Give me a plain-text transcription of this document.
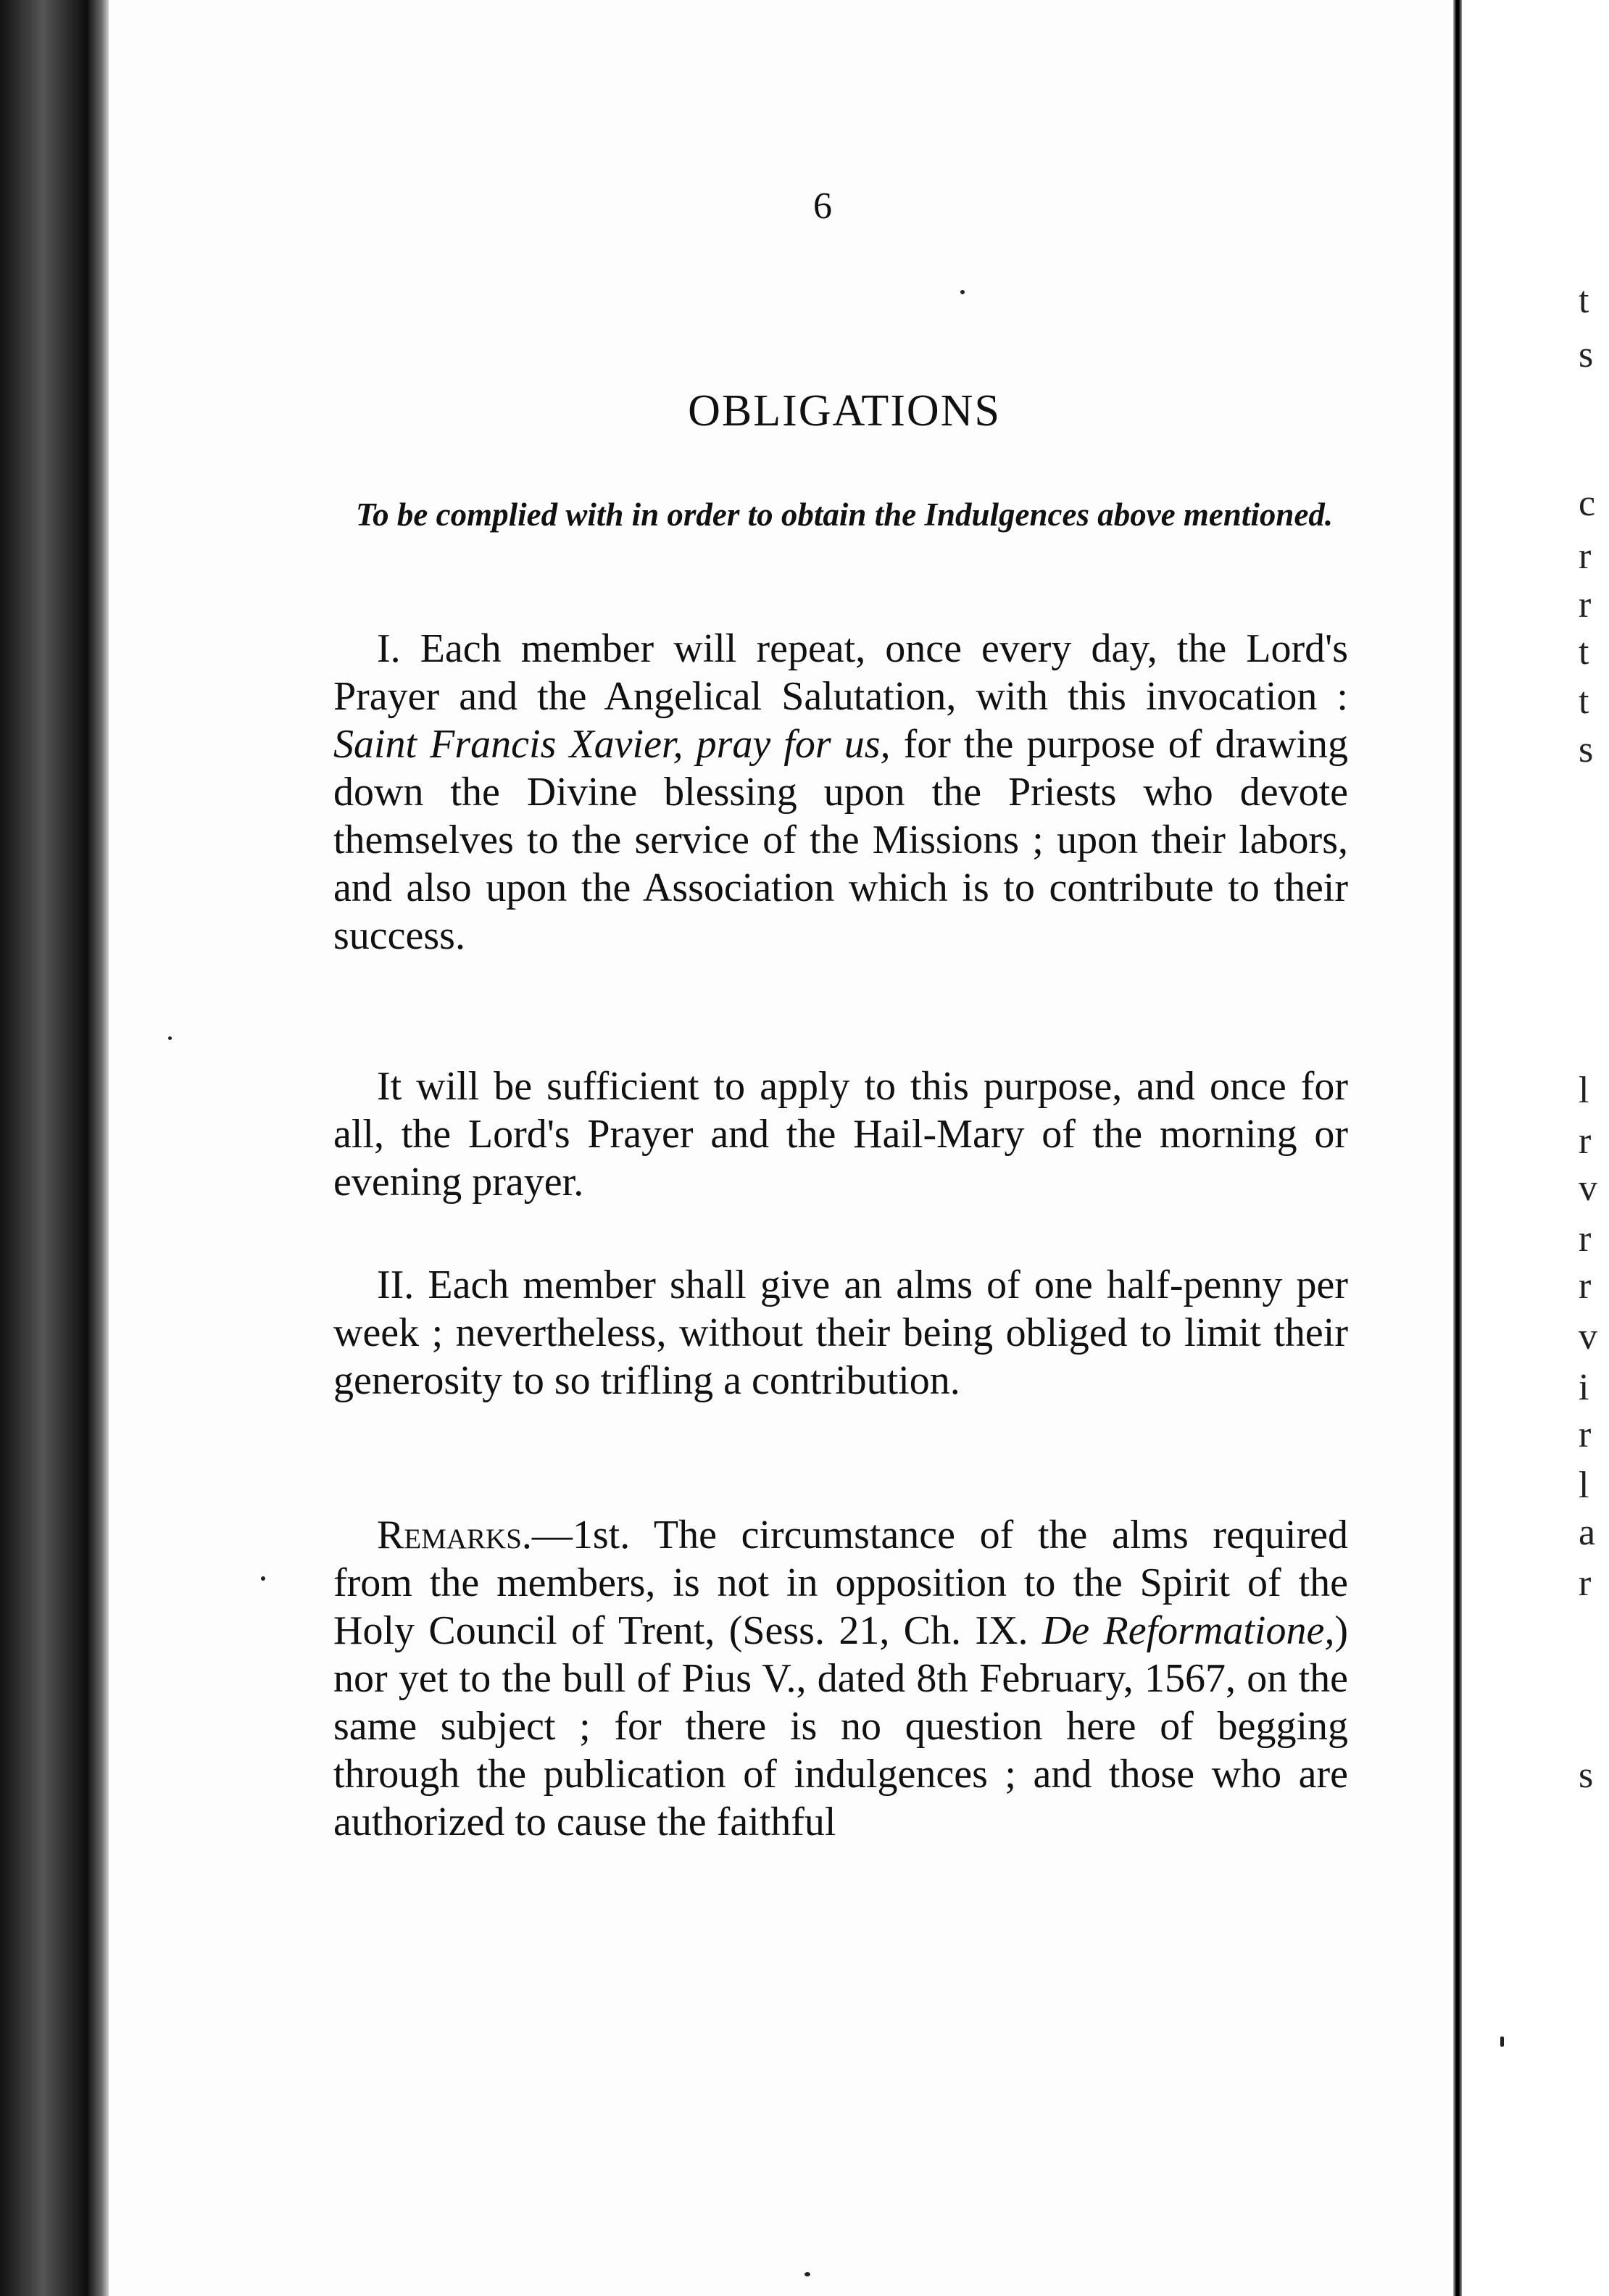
6
OBLIGATIONS
To be complied with in order to obtain the Indulgences above mentioned.

I. Each member will repeat, once every day, the Lord's Prayer and the Angelical Salutation, with this invocation : Saint Francis Xavier, pray for us, for the purpose of drawing down the Divine blessing upon the Priests who devote themselves to the service of the Missions ; upon their labors, and also upon the Association which is to contribute to their success.

It will be sufficient to apply to this purpose, and once for all, the Lord's Prayer and the Hail-Mary of the morning or evening prayer.

II. Each member shall give an alms of one half-penny per week ; nevertheless, without their being obliged to limit their generosity to so trifling a contribution.

Remarks.—1st. The circumstance of the alms required from the members, is not in opposition to the Spirit of the Holy Council of Trent, (Sess. 21, Ch. IX. De Reformatione,) nor yet to the bull of Pius V., dated 8th February, 1567, on the same subject ; for there is no question here of begging through the publication of indulgences ; and those who are authorized to cause the faithful

t
s
c
r
r
t
t
s
l
r
v
r
r
v
i
r
l
a
r
s
